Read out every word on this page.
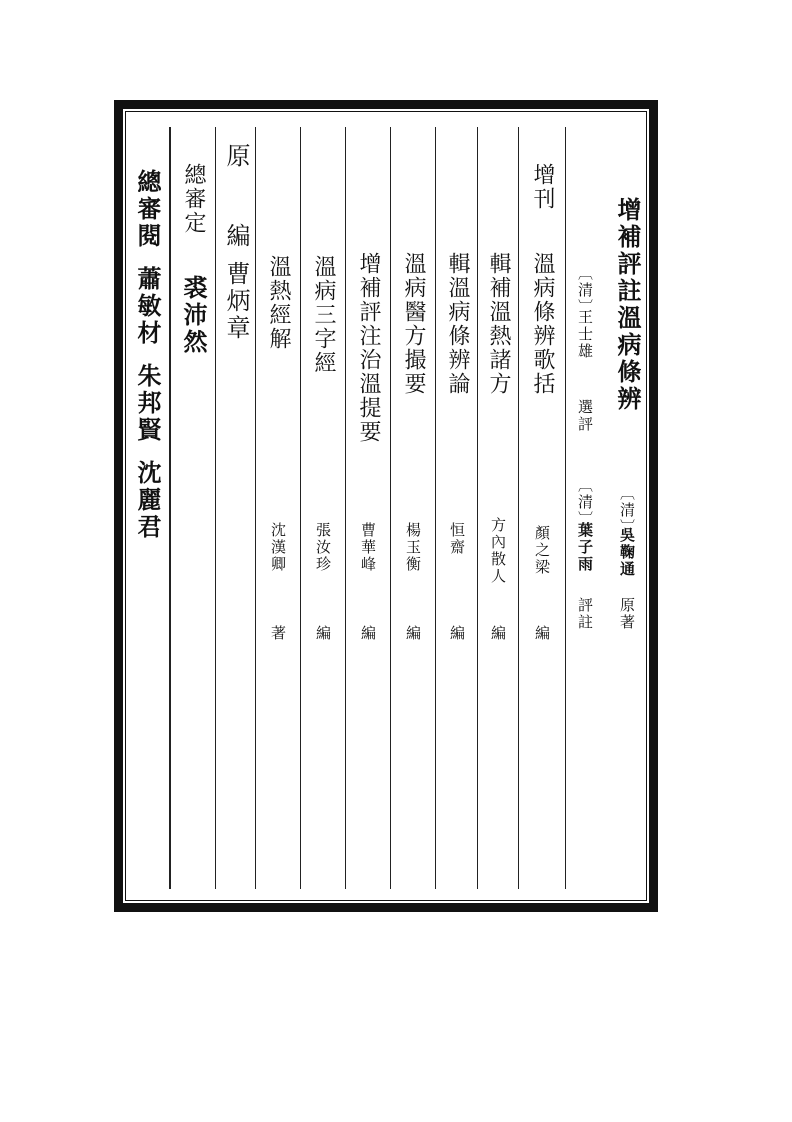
增補評註溫病條辨
〔清〕
吳鞠通
原著
〔清〕
王士雄
選評
〔清〕
葉子雨
評註
增刊
溫病條辨歌括
顏之梁
編
輯補溫熱諸方
方內散人
編
輯溫病條辨論
恒齋
編
溫病醫方撮要
楊玉衡
編
增補評注治溫提要
曹華峰
編
溫病三字經
張汝珍
編
溫熱經解
沈漢卿
著
原
編
曹炳章
總審定
裘沛然
總審閱蕭敏材朱邦賢沈麗君
